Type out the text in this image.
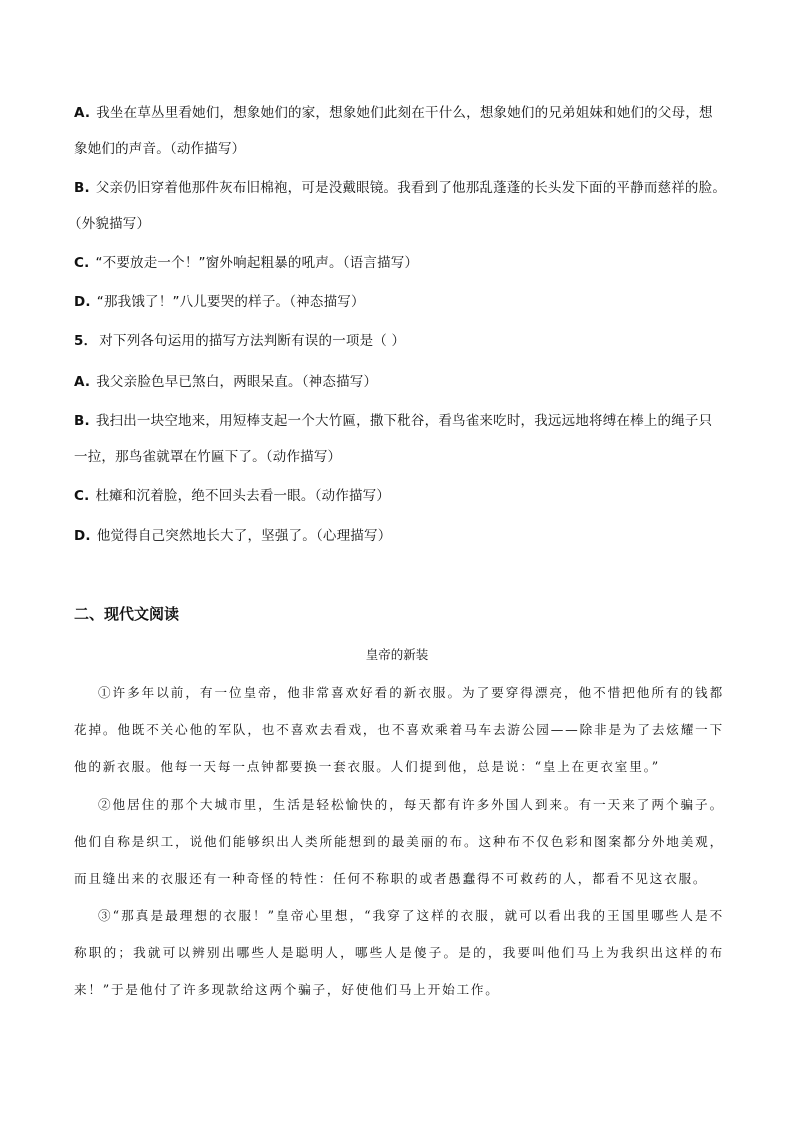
A. 我坐在草丛里看她们，想象她们的家，想象她们此刻在干什么，想象她们的兄弟姐妹和她们的父母，想
象她们的声音。（动作描写）
B. 父亲仍旧穿着他那件灰布旧棉袍，可是没戴眼镜。我看到了他那乱蓬蓬的长头发下面的平静而慈祥的脸。
（外貌描写）
C. “不要放走一个！”窗外响起粗暴的吼声。（语言描写）
D. “那我饿了！”八儿要哭的样子。（神态描写）
5． 对下列各句运用的描写方法判断有误的一项是（ ）
A. 我父亲脸色早已煞白，两眼呆直。（神态描写）
B. 我扫出一块空地来，用短棒支起一个大竹匾，撒下秕谷，看鸟雀来吃时，我远远地将缚在棒上的绳子只
一拉，那鸟雀就罩在竹匾下了。（动作描写）
C. 杜瘫和沉着脸，绝不回头去看一眼。（动作描写）
D. 他觉得自己突然地长大了，坚强了。（心理描写）
二、现代文阅读
皇帝的新装
①许多年以前，有一位皇帝，他非常喜欢好看的新衣服。为了要穿得漂亮，他不惜把他所有的钱都花掉。他既不关心他的军队，也不喜欢去看戏，也不喜欢乘着马车去游公园——除非是为了去炫耀一下他的新衣服。他每一天每一点钟都要换一套衣服。人们提到他，总是说：“皇上在更衣室里。”
②他居住的那个大城市里，生活是轻松愉快的，每天都有许多外国人到来。有一天来了两个骗子。他们自称是织工，说他们能够织出人类所能想到的最美丽的布。这种布不仅色彩和图案都分外地美观，而且缝出来的衣服还有一种奇怪的特性：任何不称职的或者愚蠢得不可救药的人，都看不见这衣服。
③“那真是最理想的衣服！”皇帝心里想，“我穿了这样的衣服，就可以看出我的王国里哪些人是不称职的；我就可以辨别出哪些人是聪明人，哪些人是傻子。是的，我要叫他们马上为我织出这样的布来！”于是他付了许多现款给这两个骗子，好使他们马上开始工作。
